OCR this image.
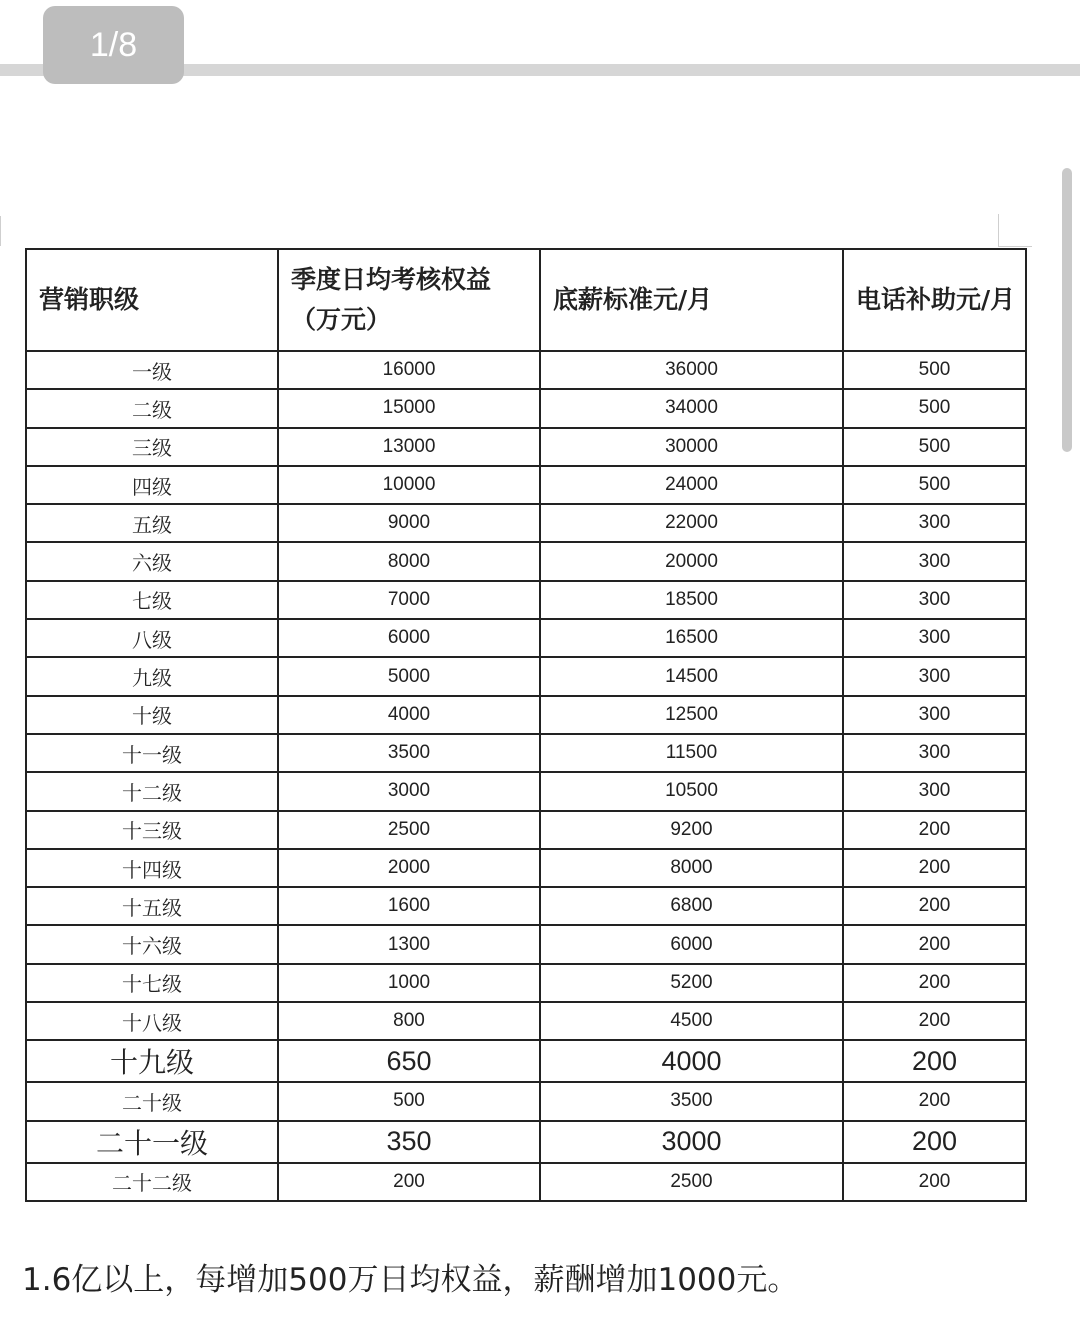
1/8
营销职级	季度日均考核权益（万元）	底薪标准元/月	电话补助元/月
一级	16000	36000	500
二级	15000	34000	500
三级	13000	30000	500
四级	10000	24000	500
五级	9000	22000	300
六级	8000	20000	300
七级	7000	18500	300
八级	6000	16500	300
九级	5000	14500	300
十级	4000	12500	300
十一级	3500	11500	300
十二级	3000	10500	300
十三级	2500	9200	200
十四级	2000	8000	200
十五级	1600	6800	200
十六级	1300	6000	200
十七级	1000	5200	200
十八级	800	4500	200
十九级	650	4000	200
二十级	500	3500	200
二十一级	350	3000	200
二十二级	200	2500	200
1.6亿以上，每增加500万日均权益，薪酬增加1000元。
